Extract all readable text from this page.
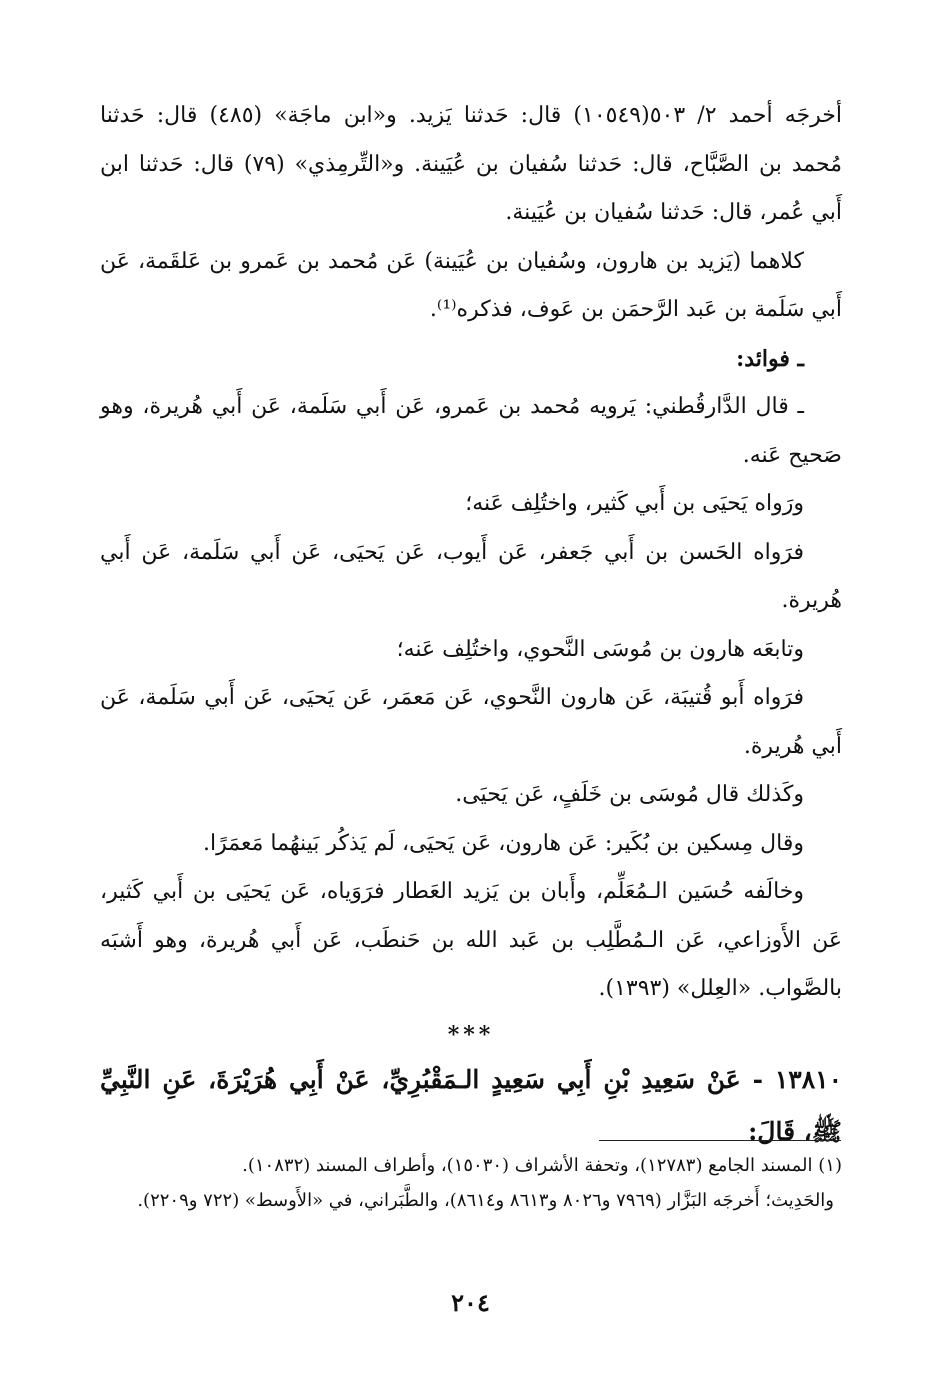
أخرجَه أحمد ٢/ ٥٠٣(١٠٥٤٩) قال: حَدثنا يَزيد. و«ابن ماجَة» (٤٨٥) قال: حَدثنا مُحمد بن الصَّبَّاح، قال: حَدثنا سُفيان بن عُيَينة. و«التِّرمِذي» (٧٩) قال: حَدثنا ابن أَبي عُمر، قال: حَدثنا سُفيان بن عُيَينة.

كلاهما (يَزيد بن هارون، وسُفيان بن عُيَينة) عَن مُحمد بن عَمرو بن عَلقَمة، عَن أَبي سَلَمة بن عَبد الرَّحمَن بن عَوف، فذكره⁽¹⁾.

ـ فوائد:

ـ قال الدَّارقُطني: يَرويه مُحمد بن عَمرو، عَن أَبي سَلَمة، عَن أَبي هُريرة، وهو صَحيح عَنه.

ورَواه يَحيَى بن أَبي كَثير، واختُلِف عَنه؛

فرَواه الحَسن بن أَبي جَعفر، عَن أَيوب، عَن يَحيَى، عَن أَبي سَلَمة، عَن أَبي هُريرة.

وتابعَه هارون بن مُوسَى النَّحوي، واختُلِف عَنه؛

فرَواه أَبو قُتيبَة، عَن هارون النَّحوي، عَن مَعمَر، عَن يَحيَى، عَن أَبي سَلَمة، عَن أَبي هُريرة.

وكَذلك قال مُوسَى بن خَلَفٍ، عَن يَحيَى.

وقال مِسكين بن بُكَير: عَن هارون، عَن يَحيَى، لَم يَذكُر بَينهُما مَعمَرًا.

وخالَفه حُسَين الـمُعَلِّم، وأَبان بن يَزيد العَطار فرَوَياه، عَن يَحيَى بن أَبي كَثير، عَن الأَوزاعي، عَن الـمُطَّلِب بن عَبد الله بن حَنطَب، عَن أَبي هُريرة، وهو أَشبَه بالصَّواب. «العِلل» (١٣٩٣).

***

١٣٨١٠ - عَنْ سَعِيدِ بْنِ أَبِي سَعِيدٍ الـمَقْبُرِيِّ، عَنْ أَبِي هُرَيْرَةَ، عَنِ النَّبِيِّ ﷺ، قَالَ:

(١) المسند الجامع (١٢٧٨٣)، وتحفة الأشراف (١٥٠٣٠)، وأطراف المسند (١٠٨٣٢).

والحَدِيث؛ أَخرجَه البَزَّار (٧٩٦٩ و٨٠٢٦ و٨٦١٣ و٨٦١٤)، والطَّبَراني، في «الأَوسط» (٧٢٢ و٢٢٠٩).

٢٠٤
